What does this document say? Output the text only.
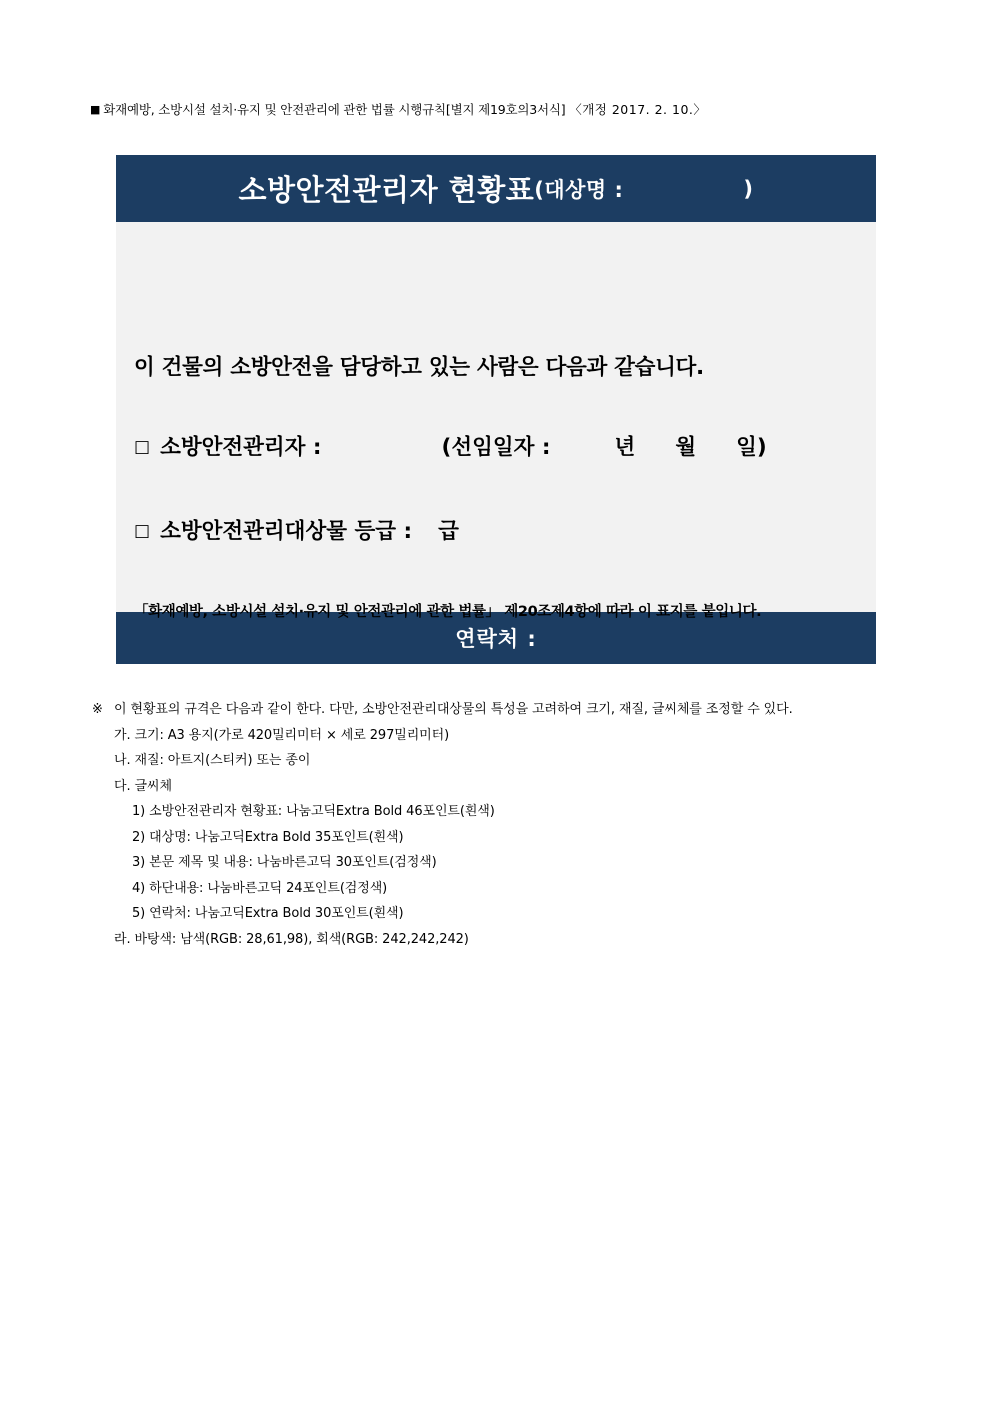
■ 화재예방, 소방시설 설치·유지 및 안전관리에 관한 법률 시행규칙[별지 제19호의3서식] 〈개정 2017. 2. 10.〉
소방안전관리자 현황표 (대상명 :	)
이 건물의 소방안전을 담당하고 있는 사람은 다음과 같습니다.
□ 소방안전관리자 :	(선임일자 :	년 월 일)
□ 소방안전관리대상물 등급 : 급
「화재예방, 소방시설 설치·유지 및 안전관리에 관한 법률」 제20조제4항에 따라 이 표지를 붙입니다.
연락처 :
※ 이 현황표의 규격은 다음과 같이 한다. 다만, 소방안전관리대상물의 특성을 고려하여 크기, 재질, 글씨체를 조정할 수 있다.
가. 크기: A3 용지(가로 420밀리미터 × 세로 297밀리미터)
나. 재질: 아트지(스티커) 또는 종이
다. 글씨체
1) 소방안전관리자 현황표: 나눔고딕Extra Bold 46포인트(흰색)
2) 대상명: 나눔고딕Extra Bold 35포인트(흰색)
3) 본문 제목 및 내용: 나눔바른고딕 30포인트(검정색)
4) 하단내용: 나눔바른고딕 24포인트(검정색)
5) 연락처: 나눔고딕Extra Bold 30포인트(흰색)
라. 바탕색: 남색(RGB: 28,61,98), 회색(RGB: 242,242,242)
